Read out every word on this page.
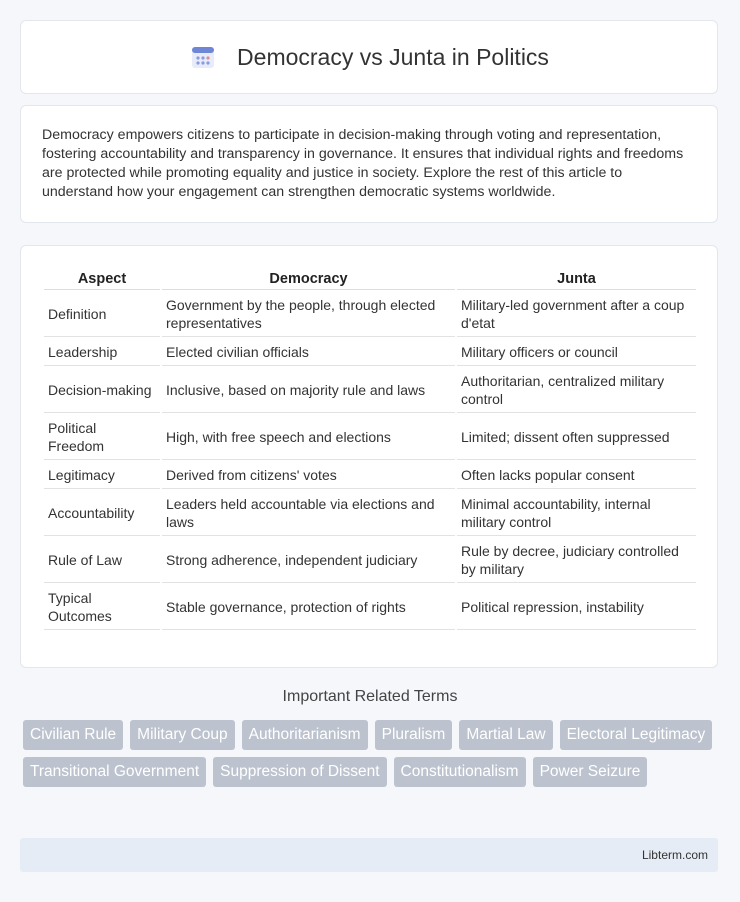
Democracy vs Junta in Politics

Democracy empowers citizens to participate in decision-making through voting and representation, fostering accountability and transparency in governance. It ensures that individual rights and freedoms are protected while promoting equality and justice in society. Explore the rest of this article to understand how your engagement can strengthen democratic systems worldwide.

Aspect	Democracy	Junta
Definition	Government by the people, through elected representatives	Military-led government after a coup d'etat
Leadership	Elected civilian officials	Military officers or council
Decision-making	Inclusive, based on majority rule and laws	Authoritarian, centralized military control
Political Freedom	High, with free speech and elections	Limited; dissent often suppressed
Legitimacy	Derived from citizens' votes	Often lacks popular consent
Accountability	Leaders held accountable via elections and laws	Minimal accountability, internal military control
Rule of Law	Strong adherence, independent judiciary	Rule by decree, judiciary controlled by military
Typical Outcomes	Stable governance, protection of rights	Political repression, instability
Important Related Terms
Civilian Rule	Military Coup	Authoritarianism	Pluralism	Martial Law	Electoral Legitimacy
Transitional Government	Suppression of Dissent	Constitutionalism	Power Seizure
Libterm.com
